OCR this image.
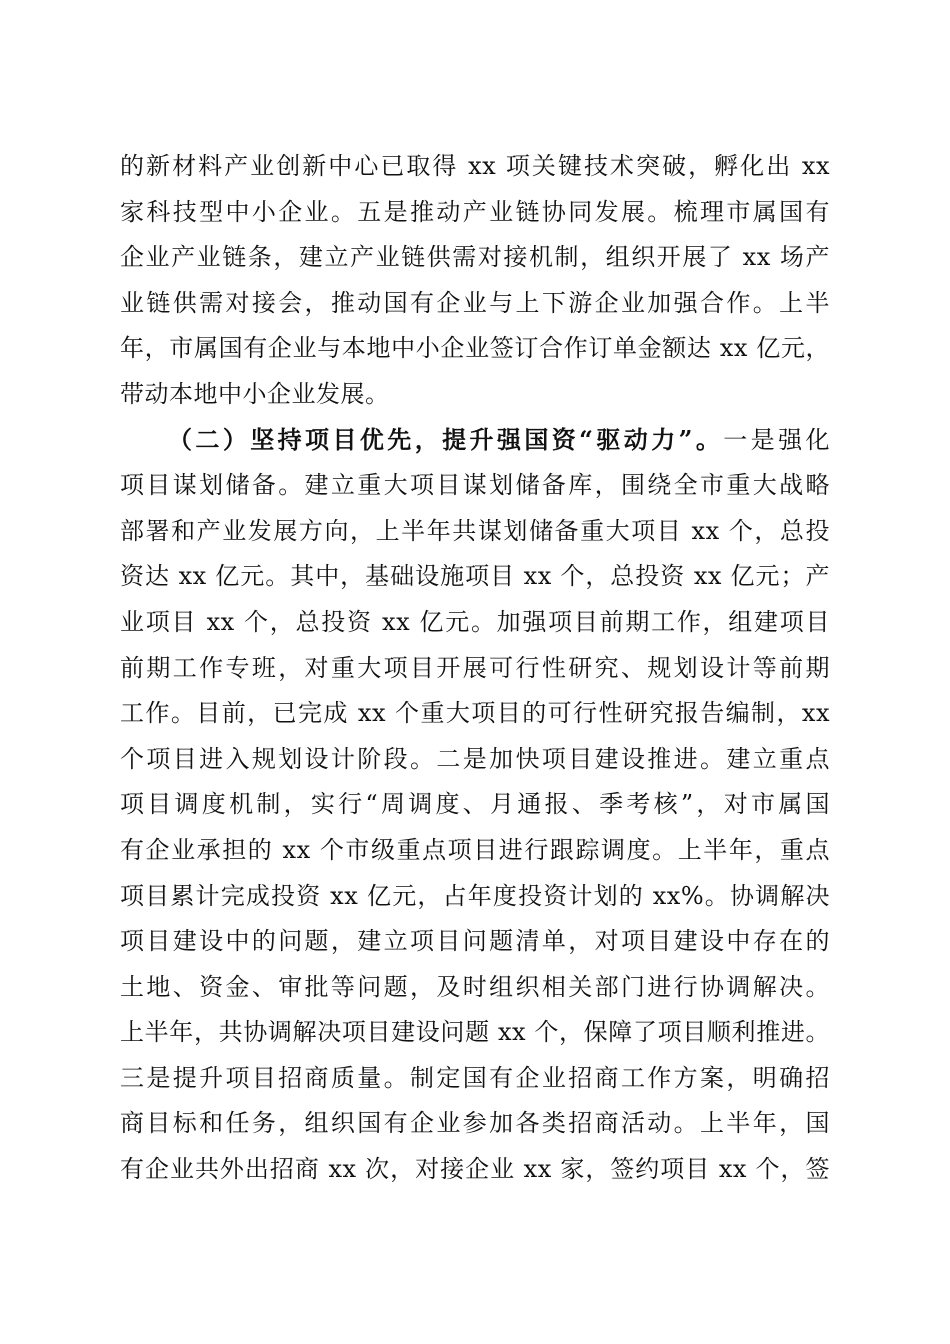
的新材料产业创新中心已取得 xx 项关键技术突破，孵化出 xx
家科技型中小企业。五是推动产业链协同发展。梳理市属国有
企业产业链条，建立产业链供需对接机制，组织开展了 xx 场产
业链供需对接会，推动国有企业与上下游企业加强合作。上半
年，市属国有企业与本地中小企业签订合作订单金额达 xx 亿元，
带动本地中小企业发展。
（二）坚持项目优先，提升强国资“驱动力”。一是强化
项目谋划储备。建立重大项目谋划储备库，围绕全市重大战略
部署和产业发展方向，上半年共谋划储备重大项目 xx 个，总投
资达 xx 亿元。其中，基础设施项目 xx 个，总投资 xx 亿元；产
业项目 xx 个，总投资 xx 亿元。加强项目前期工作，组建项目
前期工作专班，对重大项目开展可行性研究、规划设计等前期
工作。目前，已完成 xx 个重大项目的可行性研究报告编制，xx
个项目进入规划设计阶段。二是加快项目建设推进。建立重点
项目调度机制，实行“周调度、月通报、季考核”，对市属国
有企业承担的 xx 个市级重点项目进行跟踪调度。上半年，重点
项目累计完成投资 xx 亿元，占年度投资计划的 xx%。协调解决
项目建设中的问题，建立项目问题清单，对项目建设中存在的
土地、资金、审批等问题，及时组织相关部门进行协调解决。
上半年，共协调解决项目建设问题 xx 个，保障了项目顺利推进。
三是提升项目招商质量。制定国有企业招商工作方案，明确招
商目标和任务，组织国有企业参加各类招商活动。上半年，国
有企业共外出招商 xx 次，对接企业 xx 家，签约项目 xx 个，签
